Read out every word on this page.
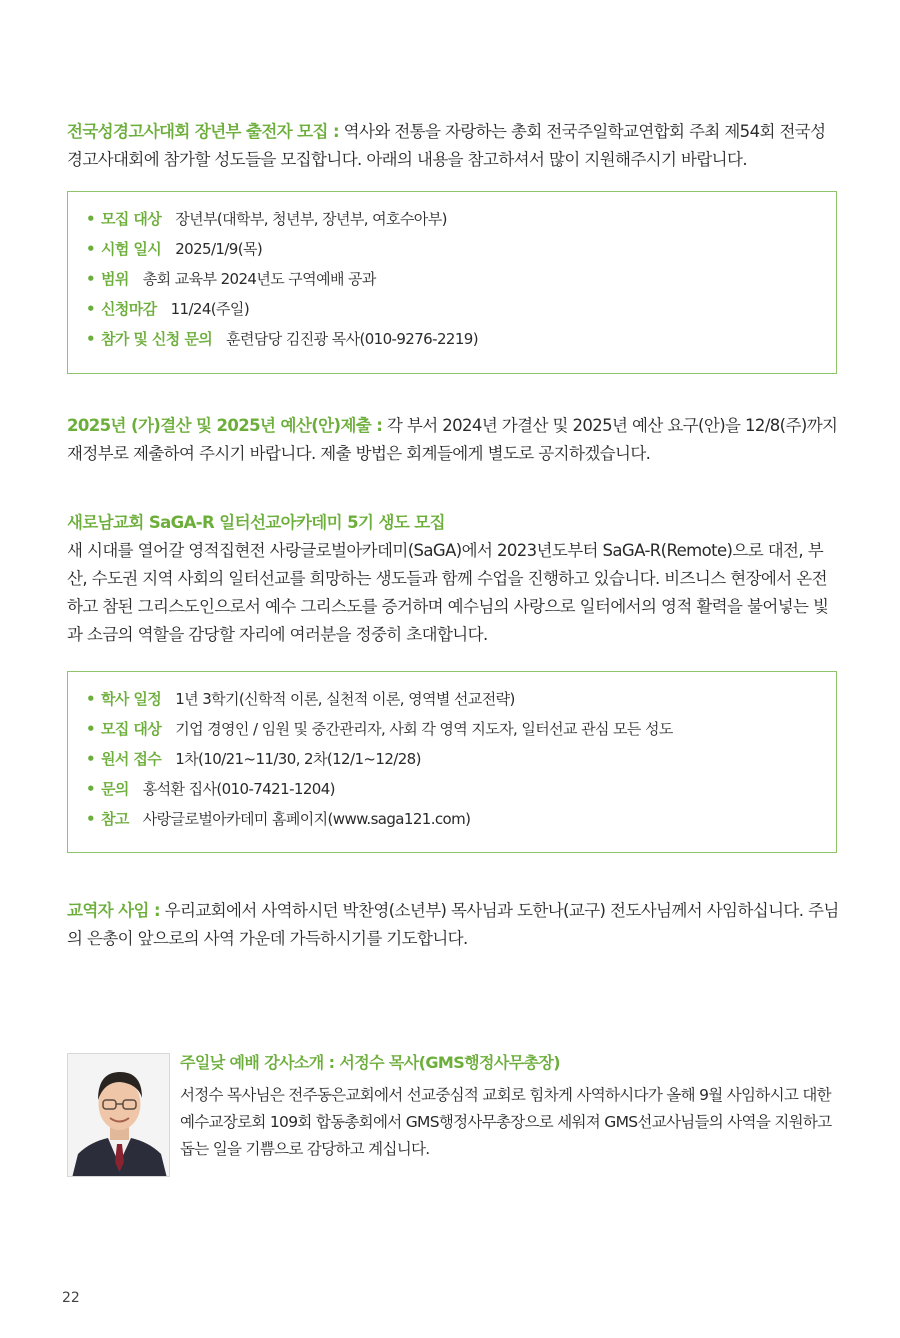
전국성경고사대회 장년부 출전자 모집 : 역사와 전통을 자랑하는 총회 전국주일학교연합회 주최 제54회 전국성경고사대회에 참가할 성도들을 모집합니다. 아래의 내용을 참고하셔서 많이 지원해주시기 바랍니다.
• 모집 대상 장년부(대학부, 청년부, 장년부, 여호수아부)
• 시험 일시 2025/1/9(목)
• 범위 총회 교육부 2024년도 구역예배 공과
• 신청마감 11/24(주일)
• 참가 및 신청 문의 훈련담당 김진광 목사(010-9276-2219)
2025년 (가)결산 및 2025년 예산(안)제출 : 각 부서 2024년 가결산 및 2025년 예산 요구(안)을 12/8(주)까지 재정부로 제출하여 주시기 바랍니다. 제출 방법은 회계들에게 별도로 공지하겠습니다.
새로남교회 SaGA-R 일터선교아카데미 5기 생도 모집
새 시대를 열어갈 영적집현전 사랑글로벌아카데미(SaGA)에서 2023년도부터 SaGA-R(Remote)으로 대전, 부산, 수도권 지역 사회의 일터선교를 희망하는 생도들과 함께 수업을 진행하고 있습니다. 비즈니스 현장에서 온전하고 참된 그리스도인으로서 예수 그리스도를 증거하며 예수님의 사랑으로 일터에서의 영적 활력을 불어넣는 빛과 소금의 역할을 감당할 자리에 여러분을 정중히 초대합니다.
• 학사 일정 1년 3학기(신학적 이론, 실천적 이론, 영역별 선교전략)
• 모집 대상 기업 경영인 / 임원 및 중간관리자, 사회 각 영역 지도자, 일터선교 관심 모든 성도
• 원서 접수 1차(10/21~11/30, 2차(12/1~12/28)
• 문의 홍석환 집사(010-7421-1204)
• 참고 사랑글로벌아카데미 홈페이지(www.saga121.com)
교역자 사임 : 우리교회에서 사역하시던 박찬영(소년부) 목사님과 도한나(교구) 전도사님께서 사임하십니다. 주님의 은총이 앞으로의 사역 가운데 가득하시기를 기도합니다.
주일낮 예배 강사소개 : 서정수 목사(GMS행정사무총장)
서정수 목사님은 전주동은교회에서 선교중심적 교회로 힘차게 사역하시다가 올해 9월 사임하시고 대한예수교장로회 109회 합동총회에서 GMS행정사무총장으로 세워져 GMS선교사님들의 사역을 지원하고 돕는 일을 기쁨으로 감당하고 계십니다.
22
